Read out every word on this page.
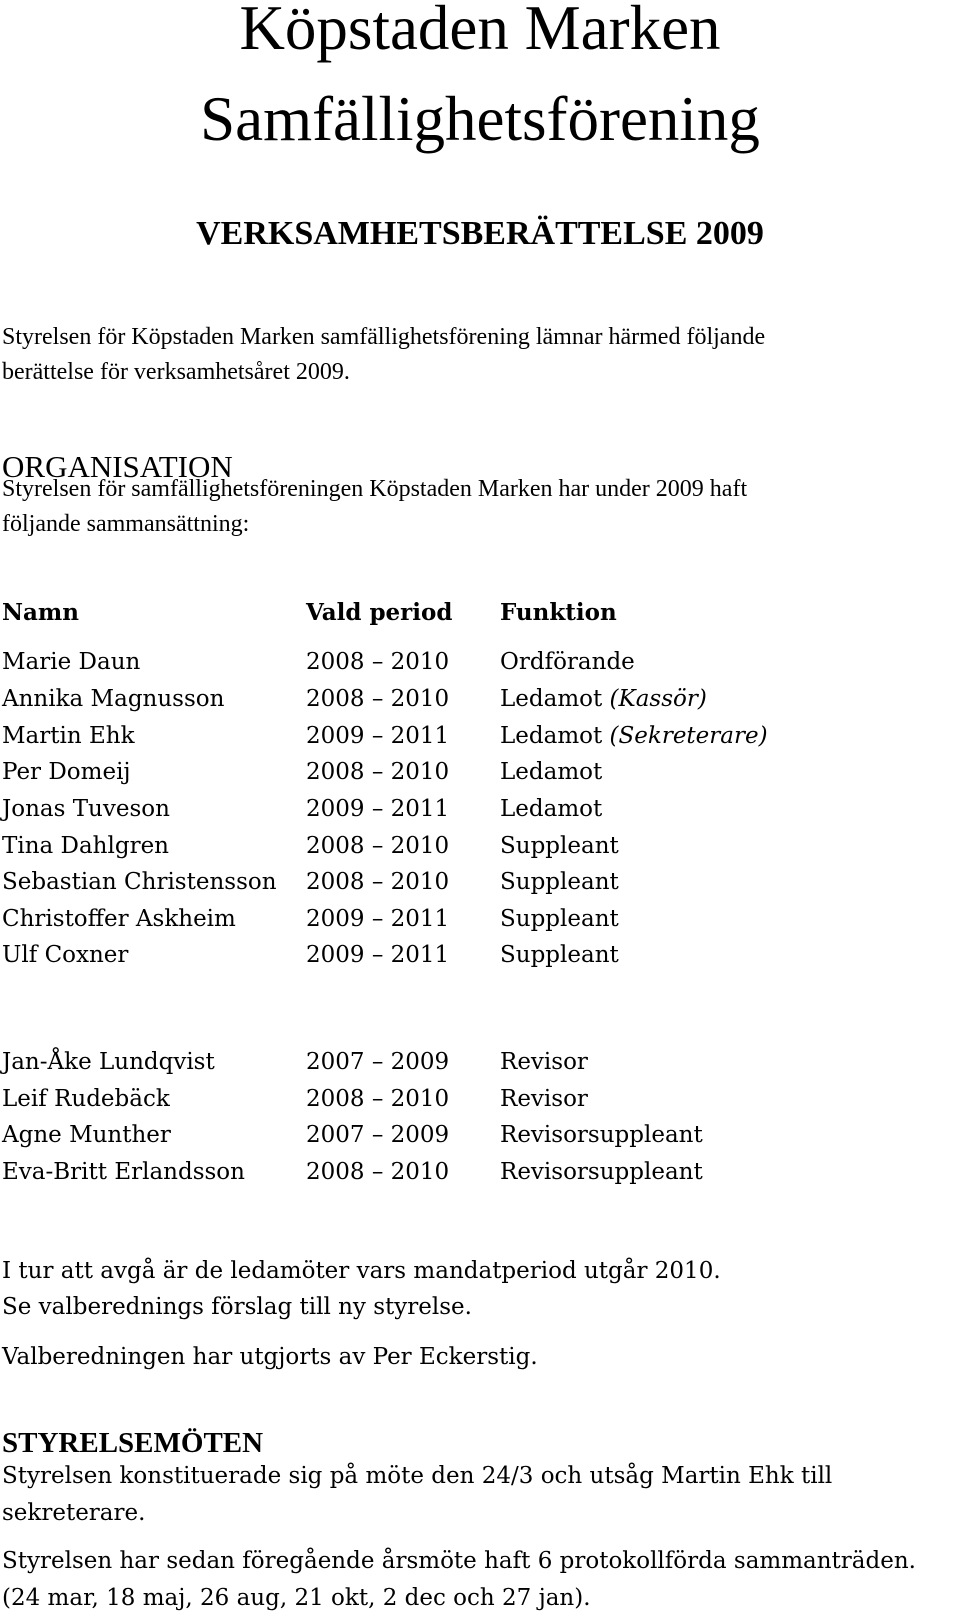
Köpstaden Marken
Samfällighetsförening
VERKSAMHETSBERÄTTELSE 2009
Styrelsen för Köpstaden Marken samfällighetsförening lämnar härmed följande
berättelse för verksamhetsåret 2009.
ORGANISATION
Styrelsen för samfällighetsföreningen Köpstaden Marken har under 2009 haft
följande sammansättning:
Namn	Vald period Funktion
Marie Daun	2008 – 2010 Ordförande
Annika Magnusson	2008 – 2010 Ledamot (Kassör)
Martin Ehk	2009 – 2011 Ledamot (Sekreterare)
Per Domeij	2008 – 2010 Ledamot
Jonas Tuveson	2009 – 2011 Ledamot
Tina Dahlgren	2008 – 2010 Suppleant
Sebastian Christensson 2008 – 2010 Suppleant
Christoffer Askheim	2009 – 2011 Suppleant
Ulf Coxner	2009 – 2011 Suppleant
Jan-Åke Lundqvist	2007 – 2009 Revisor
Leif Rudebäck	2008 – 2010 Revisor
Agne Munther	2007 – 2009 Revisorsuppleant
Eva-Britt Erlandsson	2008 – 2010 Revisorsuppleant
I tur att avgå är de ledamöter vars mandatperiod utgår 2010.
Se valberednings förslag till ny styrelse.
Valberedningen har utgjorts av Per Eckerstig.
STYRELSEMÖTEN
Styrelsen konstituerade sig på möte den 24/3 och utsåg Martin Ehk till
sekreterare.
Styrelsen har sedan föregående årsmöte haft 6 protokollförda sammanträden.
(24 mar, 18 maj, 26 aug, 21 okt, 2 dec och 27 jan).
